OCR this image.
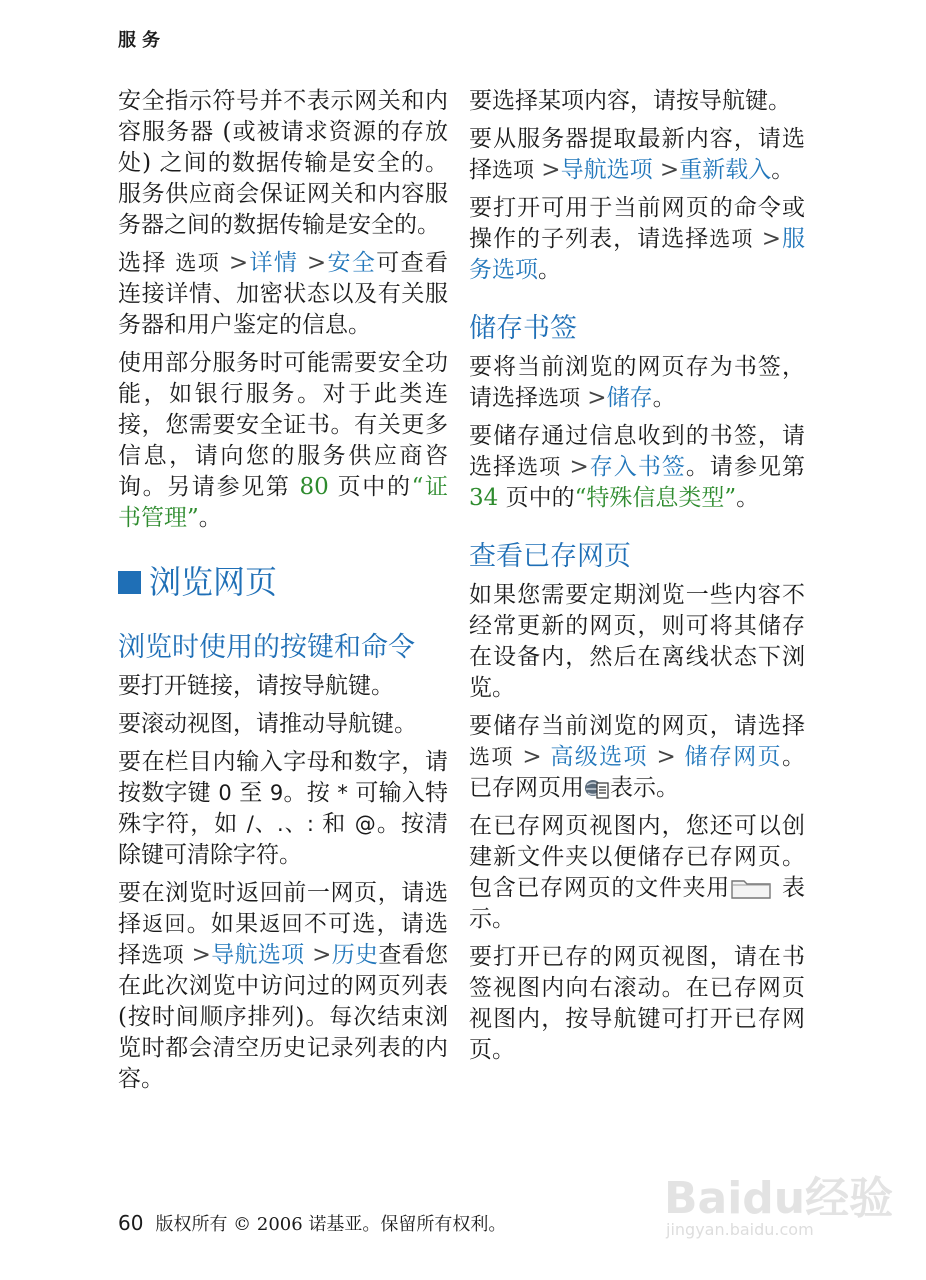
服务

安全指示符号并不表示网关和内容服务器 (或被请求资源的存放处) 之间的数据传输是安全的。服务供应商会保证网关和内容服务器之间的数据传输是安全的。

选择 选项 >详情 >安全可查看连接详情、加密状态以及有关服务器和用户鉴定的信息。

使用部分服务时可能需要安全功能，如银行服务。对于此类连接，您需要安全证书。有关更多信息，请向您的服务供应商咨询。另请参见第 80 页中的“证书管理”。

浏览网页
浏览时使用的按键和命令

要打开链接，请按导航键。

要滚动视图，请推动导航键。

要在栏目内输入字母和数字，请按数字键 0 至 9。按 * 可输入特殊字符，如 /、.、: 和 @。按清除键可清除字符。

要在浏览时返回前一网页，请选择返回。如果返回不可选，请选择选项 >导航选项 >历史查看您在此次浏览中访问过的网页列表 (按时间顺序排列)。每次结束浏览时都会清空历史记录列表的内容。

要选择某项内容，请按导航键。

要从服务器提取最新内容，请选择选项 >导航选项 >重新载入。

要打开可用于当前网页的命令或操作的子列表，请选择选项 >服务选项。

储存书签

要将当前浏览的网页存为书签，请选择选项 >储存。

要储存通过信息收到的书签，请选择选项 >存入书签。请参见第 34 页中的“特殊信息类型”。

查看已存网页

如果您需要定期浏览一些内容不经常更新的网页，则可将其储存在设备内，然后在离线状态下浏览。

要储存当前浏览的网页，请选择选项 > 高级选项 > 储存网页。已存网页用 表示。

在已存网页视图内，您还可以创建新文件夹以便储存已存网页。包含已存网页的文件夹用 表示。

要打开已存的网页视图，请在书签视图内向右滚动。在已存网页视图内，按导航键可打开已存网页。

60 版权所有 © 2006 诺基亚。保留所有权利。
Baidu经验
jingyan.baidu.com
